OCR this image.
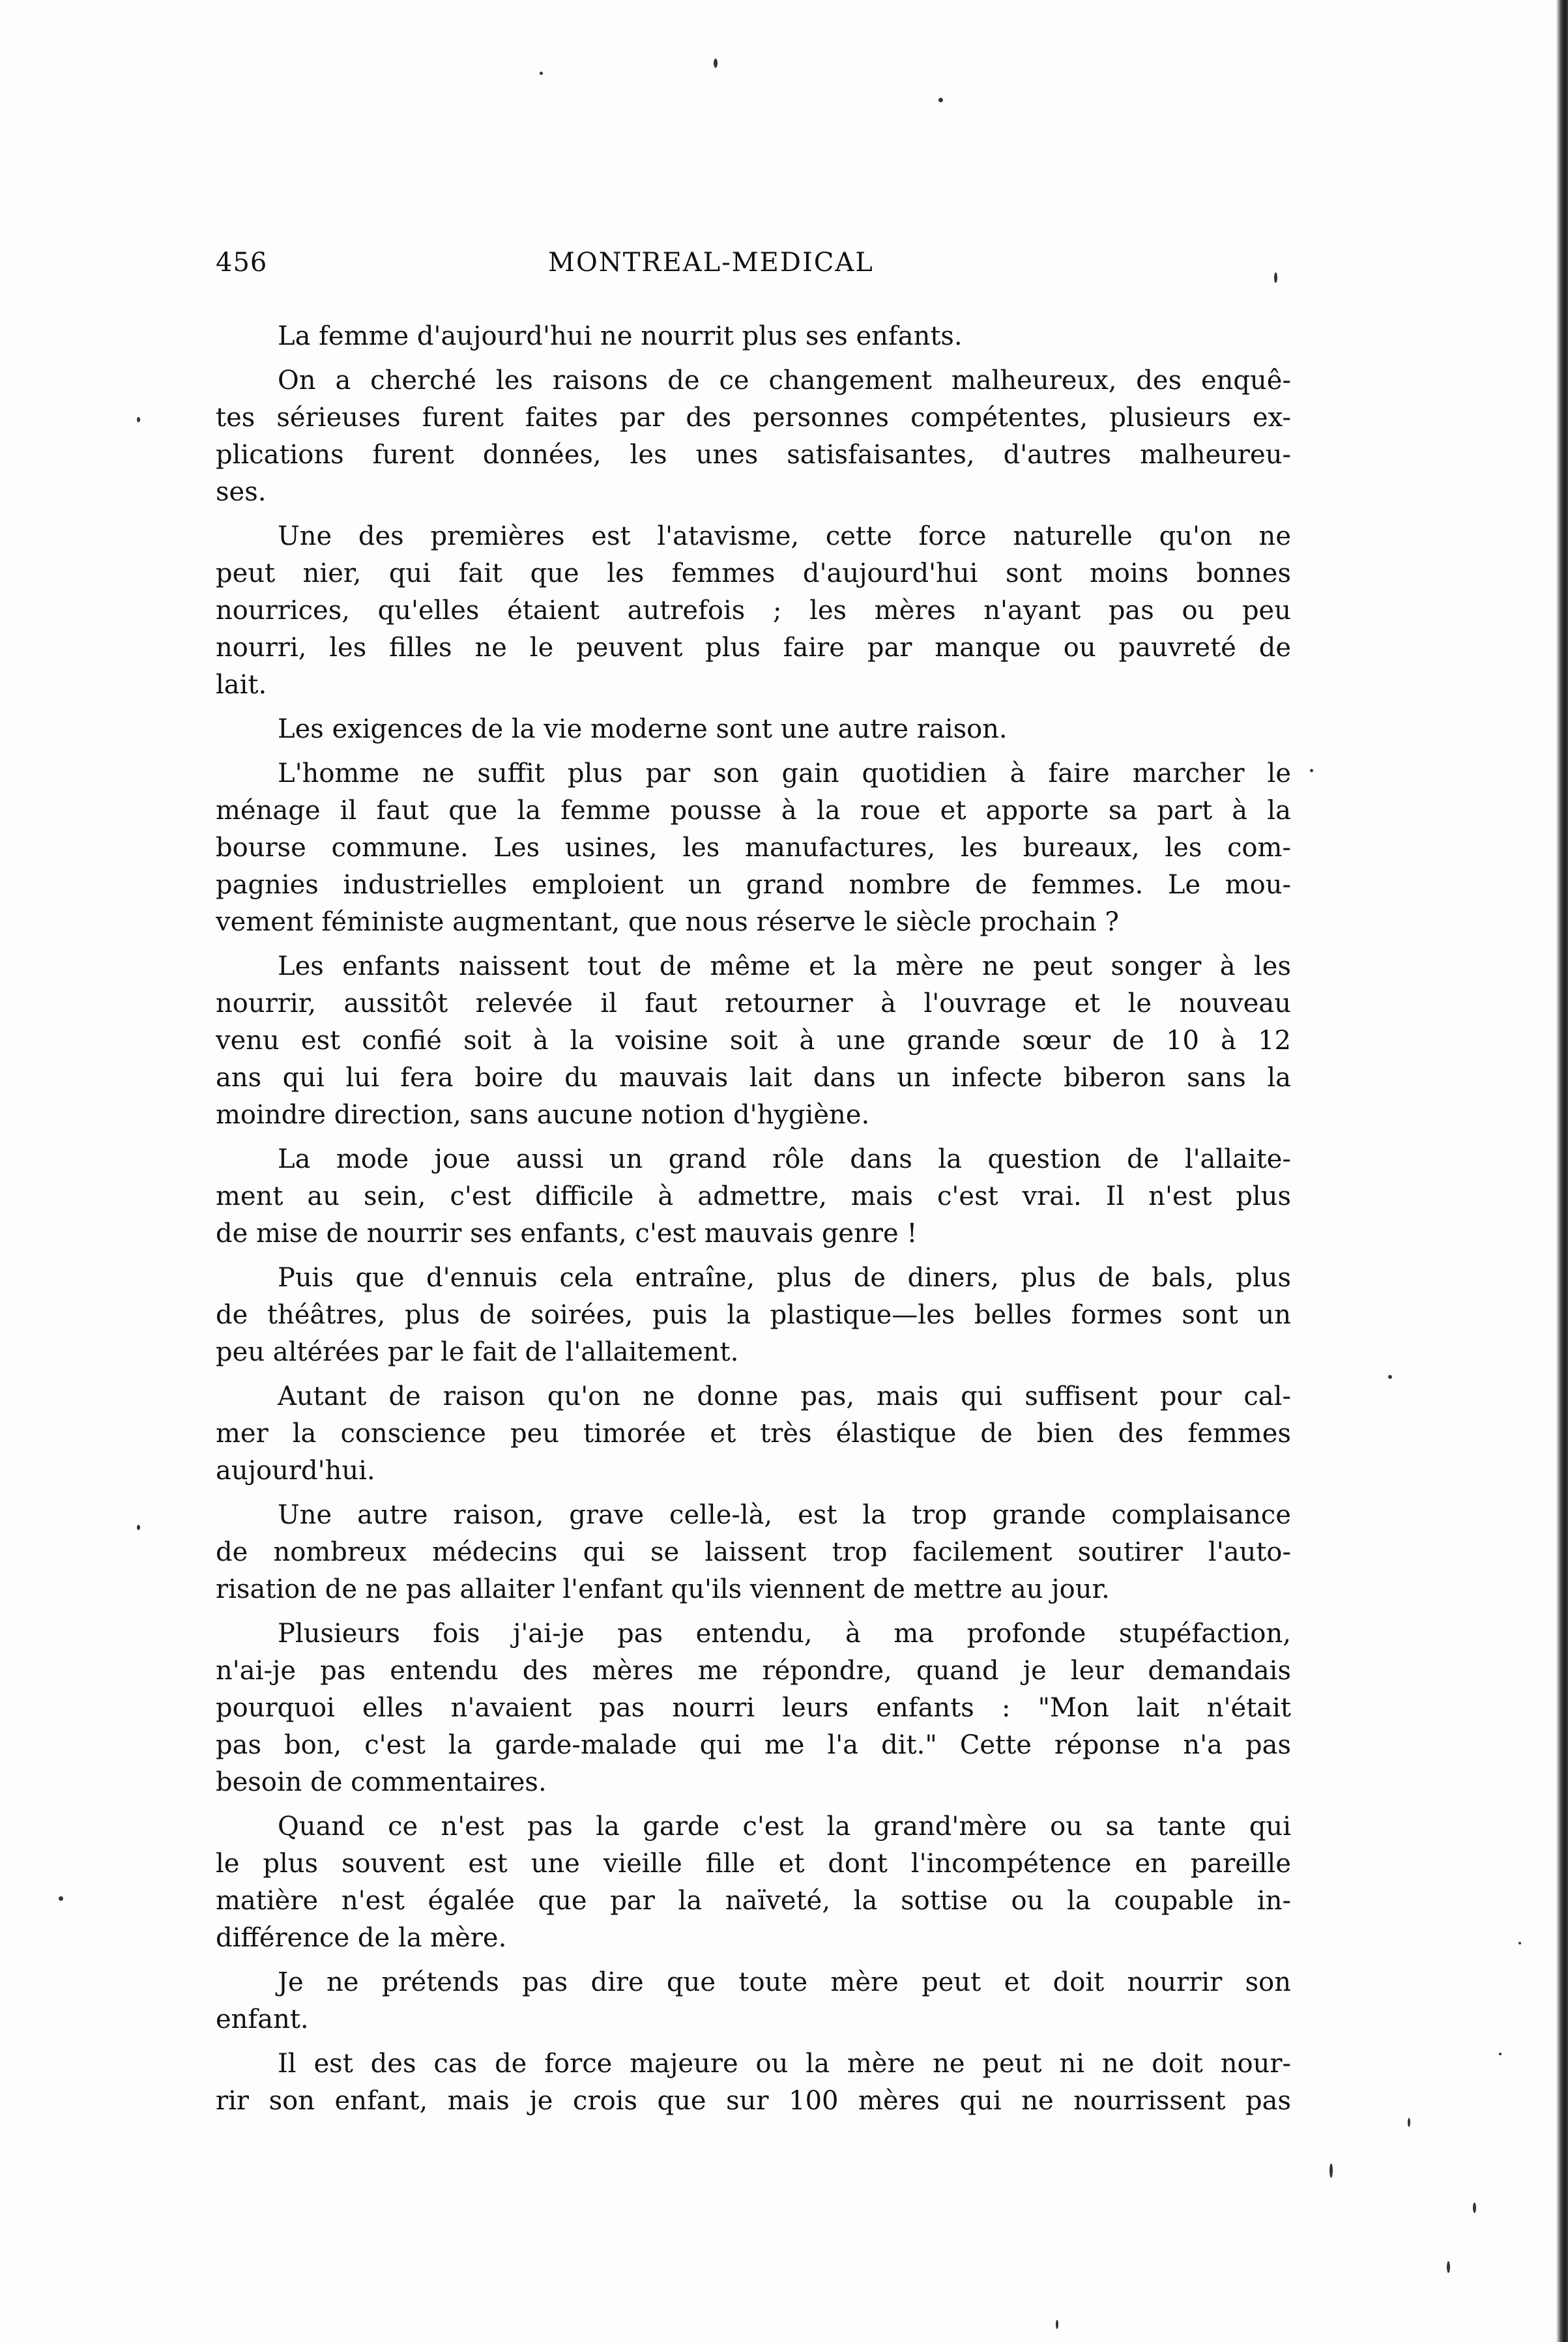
456	MONTREAL-MEDICAL
La femme d'aujourd'hui ne nourrit plus ses enfants.
On a cherché les raisons de ce changement malheureux, des enquê-
tes sérieuses furent faites par des personnes compétentes, plusieurs ex-
plications furent données, les unes satisfaisantes, d'autres malheureu-
ses.
Une des premières est l'atavisme, cette force naturelle qu'on ne
peut nier, qui fait que les femmes d'aujourd'hui sont moins bonnes
nourrices, qu'elles étaient autrefois ; les mères n'ayant pas ou peu
nourri, les filles ne le peuvent plus faire par manque ou pauvreté de
lait.
Les exigences de la vie moderne sont une autre raison.
L'homme ne suffit plus par son gain quotidien à faire marcher le
ménage il faut que la femme pousse à la roue et apporte sa part à la
bourse commune. Les usines, les manufactures, les bureaux, les com-
pagnies industrielles emploient un grand nombre de femmes. Le mou-
vement féministe augmentant, que nous réserve le siècle prochain ?
Les enfants naissent tout de même et la mère ne peut songer à les
nourrir, aussitôt relevée il faut retourner à l'ouvrage et le nouveau
venu est confié soit à la voisine soit à une grande sœur de 10 à 12
ans qui lui fera boire du mauvais lait dans un infecte biberon sans la
moindre direction, sans aucune notion d'hygiène.
La mode joue aussi un grand rôle dans la question de l'allaite-
ment au sein, c'est difficile à admettre, mais c'est vrai. Il n'est plus
de mise de nourrir ses enfants, c'est mauvais genre !
Puis que d'ennuis cela entraîne, plus de diners, plus de bals, plus
de théâtres, plus de soirées, puis la plastique—les belles formes sont un
peu altérées par le fait de l'allaitement.
Autant de raison qu'on ne donne pas, mais qui suffisent pour cal-
mer la conscience peu timorée et très élastique de bien des femmes
aujourd'hui.
Une autre raison, grave celle-là, est la trop grande complaisance
de nombreux médecins qui se laissent trop facilement soutirer l'auto-
risation de ne pas allaiter l'enfant qu'ils viennent de mettre au jour.
Plusieurs fois j'ai-je pas entendu, à ma profonde stupéfaction,
n'ai-je pas entendu des mères me répondre, quand je leur demandais
pourquoi elles n'avaient pas nourri leurs enfants : "Mon lait n'était
pas bon, c'est la garde-malade qui me l'a dit." Cette réponse n'a pas
besoin de commentaires.
Quand ce n'est pas la garde c'est la grand'mère ou sa tante qui
le plus souvent est une vieille fille et dont l'incompétence en pareille
matière n'est égalée que par la naïveté, la sottise ou la coupable in-
différence de la mère.
Je ne prétends pas dire que toute mère peut et doit nourrir son
enfant.
Il est des cas de force majeure ou la mère ne peut ni ne doit nour-
rir son enfant, mais je crois que sur 100 mères qui ne nourrissent pas
